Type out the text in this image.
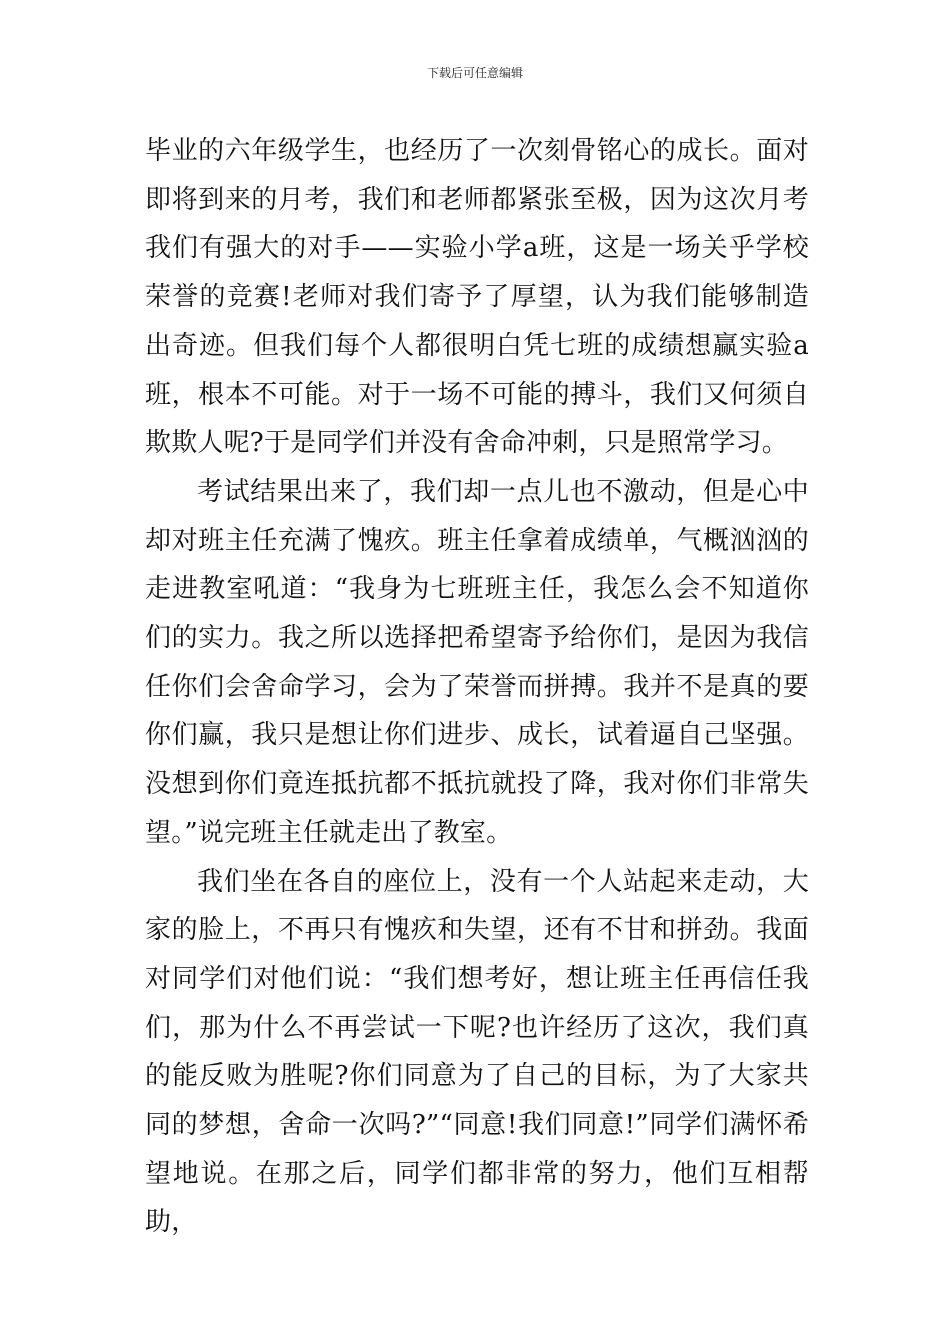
下载后可任意编辑

毕业的六年级学生，也经历了一次刻骨铭心的成长。面对即将到来的月考，我们和老师都紧张至极，因为这次月考我们有强大的对手——实验小学a班，这是一场关乎学校荣誉的竞赛!老师对我们寄予了厚望，认为我们能够制造出奇迹。但我们每个人都很明白凭七班的成绩想赢实验a班，根本不可能。对于一场不可能的搏斗，我们又何须自欺欺人呢?于是同学们并没有舍命冲刺，只是照常学习。

考试结果出来了，我们却一点儿也不激动，但是心中却对班主任充满了愧疚。班主任拿着成绩单，气概汹汹的走进教室吼道：“我身为七班班主任，我怎么会不知道你们的实力。我之所以选择把希望寄予给你们，是因为我信任你们会舍命学习，会为了荣誉而拼搏。我并不是真的要你们赢，我只是想让你们进步、成长，试着逼自己坚强。没想到你们竟连抵抗都不抵抗就投了降，我对你们非常失望。”说完班主任就走出了教室。

我们坐在各自的座位上，没有一个人站起来走动，大家的脸上，不再只有愧疚和失望，还有不甘和拼劲。我面对同学们对他们说：“我们想考好，想让班主任再信任我们，那为什么不再尝试一下呢?也许经历了这次，我们真的能反败为胜呢?你们同意为了自己的目标，为了大家共同的梦想，舍命一次吗?”“同意!我们同意!”同学们满怀希望地说。在那之后，同学们都非常的努力，他们互相帮助，
